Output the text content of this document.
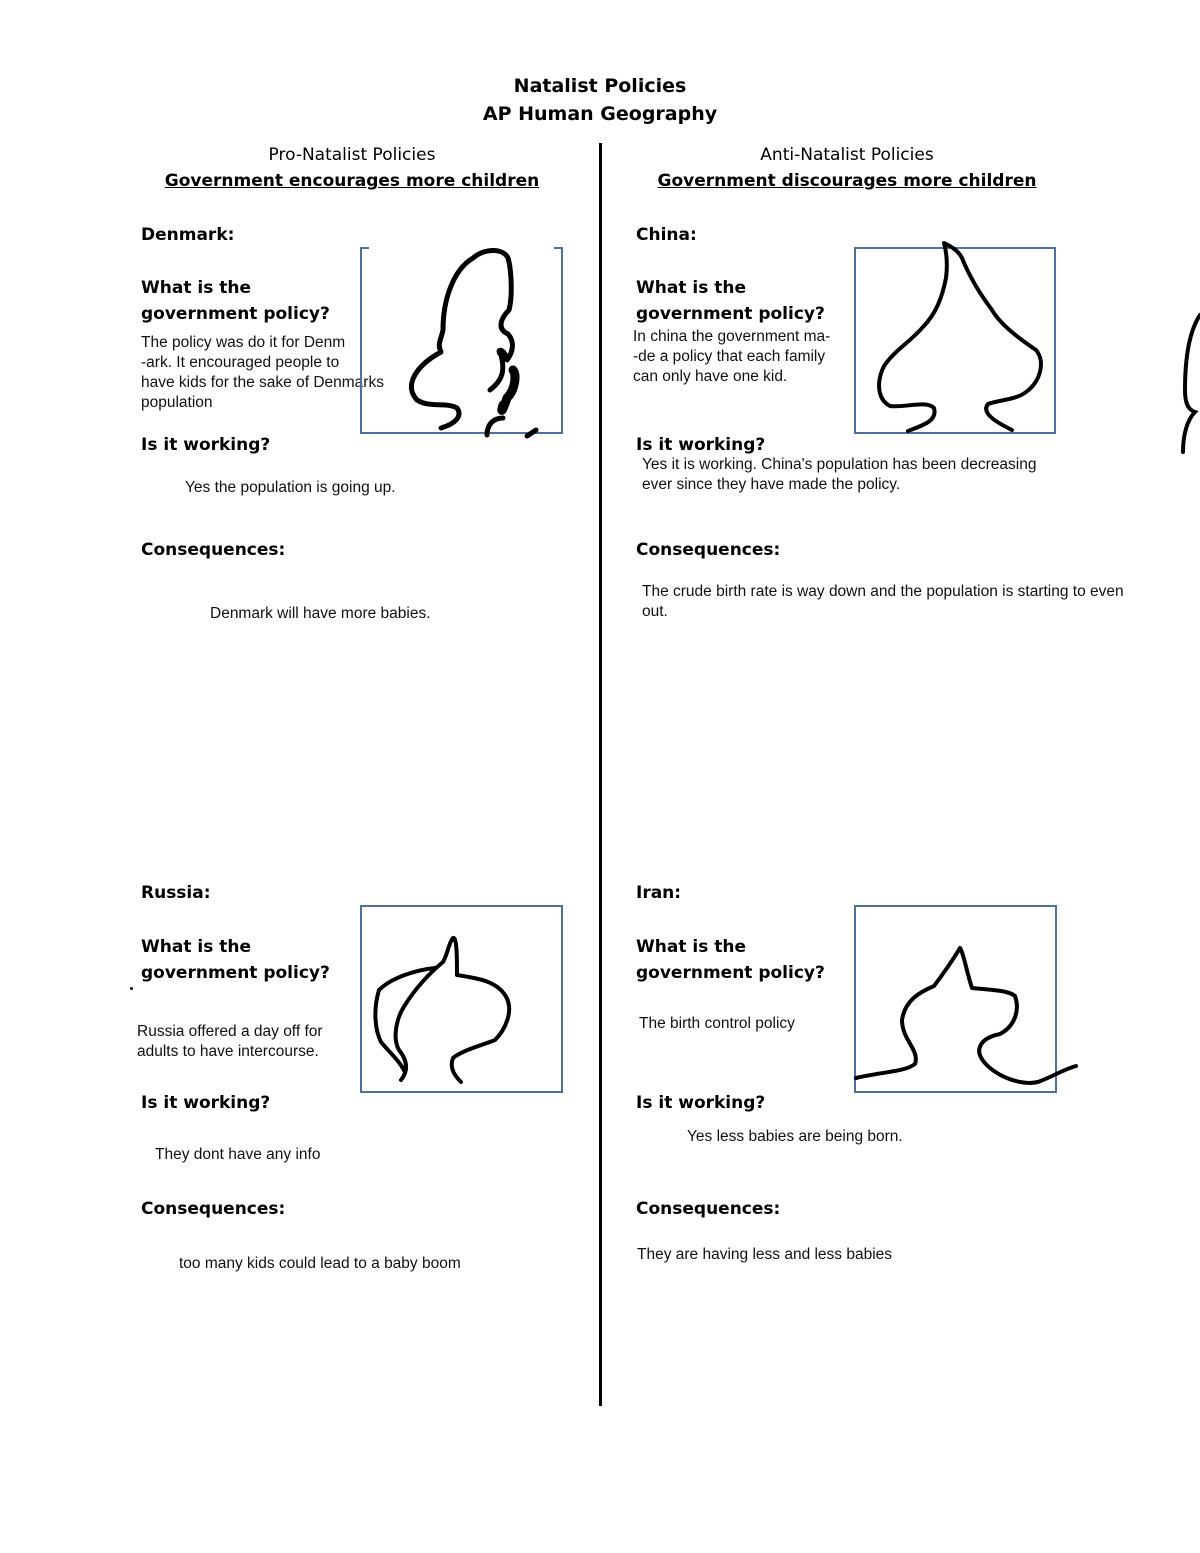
Natalist Policies
AP Human Geography
Pro-Natalist Policies
Government encourages more children
Anti-Natalist Policies
Government discourages more children
Denmark:
What is the
government policy?
The policy was do it for Denm
-ark. It encouraged people to
have kids for the sake of Denmarks
population
Is it working?
Yes the population is going up.
Consequences:
Denmark will have more babies.
China:
What is the
government policy?
In china the government ma-
-de a policy that each family
can only have one kid.
Is it working?
Yes it is working. China's population has been decreasing
ever since they have made the policy.
Consequences:
The crude birth rate is way down and the population is starting to even
out.
Russia:
What is the
government policy?
Russia offered a day off for
adults to have intercourse.
Is it working?
They dont have any info
Consequences:
too many kids could lead to a baby boom
Iran:
What is the
government policy?
The birth control policy
Is it working?
Yes less babies are being born.
Consequences:
They are having less and less babies
